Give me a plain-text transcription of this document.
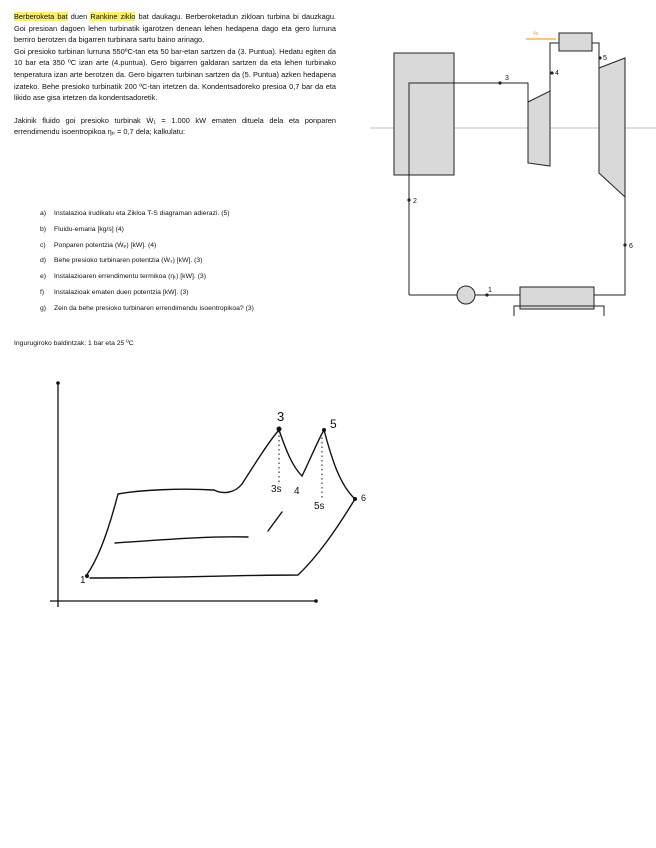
Berberoketa bat duen Rankine ziklo bat daukagu. Berberoketadun zikloan turbina bi dauzkagu. Goi presioan dagoen lehen turbinatik igarotzen denean lehen hedapena dago eta gero lurruna berriro berotzen da bigarren turbinara sartu baino arinago.

Goi presioko turbinan lurruna 550ºC-tan eta 50 bar-etan sartzen da (3. Puntua). Hedatu egiten da 10 bar eta 350 ºC izan arte (4.puntua). Gero bigarren galdaran sartzen da eta lehen turbinako tenperatura izan arte berotzen da. Gero bigarren turbinan sartzen da (5. Puntua) azken hedapena izateko. Behe presioko turbinatik 200 ºC-tan irtetzen da. Kondentsadoreko presioa 0,7 bar da eta likido ase gisa irtetzen da kondentsadoretik.

Jakinik fluido goi presioko turbinak Ẇ₁ = 1.000 kW ematen dituela dela eta ponparen errendimendu isoentropikoa ηₚ = 0,7 dela; kalkulatu:

a)	Instalazioa irudikatu eta Zikloa T-S diagraman adierazi. (5)
b)	Fluidu-emaria [kg/s] (4)
c)	Ponparen potentzia (Ẇₚ) [kW]. (4)
d)	Behe presioko turbinaren potentzia (Ẇ₂) [kW]. (3)
e)	Instalazioaren errendimentu termikoa (ηₜ) [kW]. (3)
f)	Instalazioak ematen duen potentzia [kW]. (3)
g)	Zein da behe presioko turbinaren errendimendu isoentropikoa? (3)
Ingurugiroko baldintzak: 1 bar eta 25 ºC
2
3
4
5
6
1
4s
3	5
6
3s 4
5s
1
